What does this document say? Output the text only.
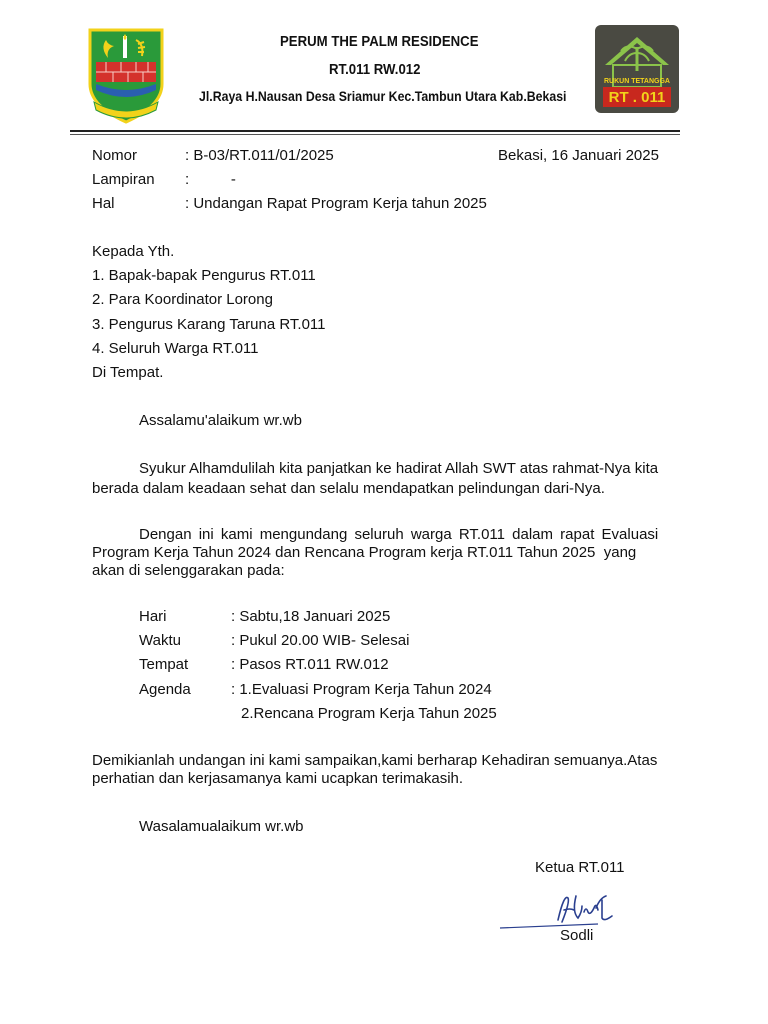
PERUM THE PALM RESIDENCE
RT.011 RW.012
Jl.Raya H.Nausan Desa Sriamur Kec.Tambun Utara Kab.Bekasi
RUKUN TETANGGA
RT . 011
Nomor	: B-03/RT.011/01/2025	Bekasi, 16 Januari 2025
Lampiran :          -
Hal	: Undangan Rapat Program Kerja tahun 2025
Kepada Yth.
1. Bapak-bapak Pengurus RT.011
2. Para Koordinator Lorong
3. Pengurus Karang Taruna RT.011
4. Seluruh Warga RT.011
Di Tempat.
Assalamu'alaikum wr.wb
Syukur Alhamdulilah kita panjatkan ke hadirat Allah SWT atas rahmat-Nya kita
berada dalam keadaan sehat dan selalu mendapatkan pelindungan dari-Nya.
Dengan ini kami mengundang seluruh warga RT.011 dalam rapat Evaluasi
Program Kerja Tahun 2024 dan Rencana Program kerja RT.011 Tahun 2025  yang
akan di selenggarakan pada:
Hari	: Sabtu,18 Januari 2025
Waktu	: Pukul 20.00 WIB- Selesai
Tempat	: Pasos RT.011 RW.012
Agenda	: 1.Evaluasi Program Kerja Tahun 2024
2.Rencana Program Kerja Tahun 2025
Demikianlah undangan ini kami sampaikan,kami berharap Kehadiran semuanya.Atas
perhatian dan kerjasamanya kami ucapkan terimakasih.
Wasalamualaikum wr.wb
Ketua RT.011
Sodli
